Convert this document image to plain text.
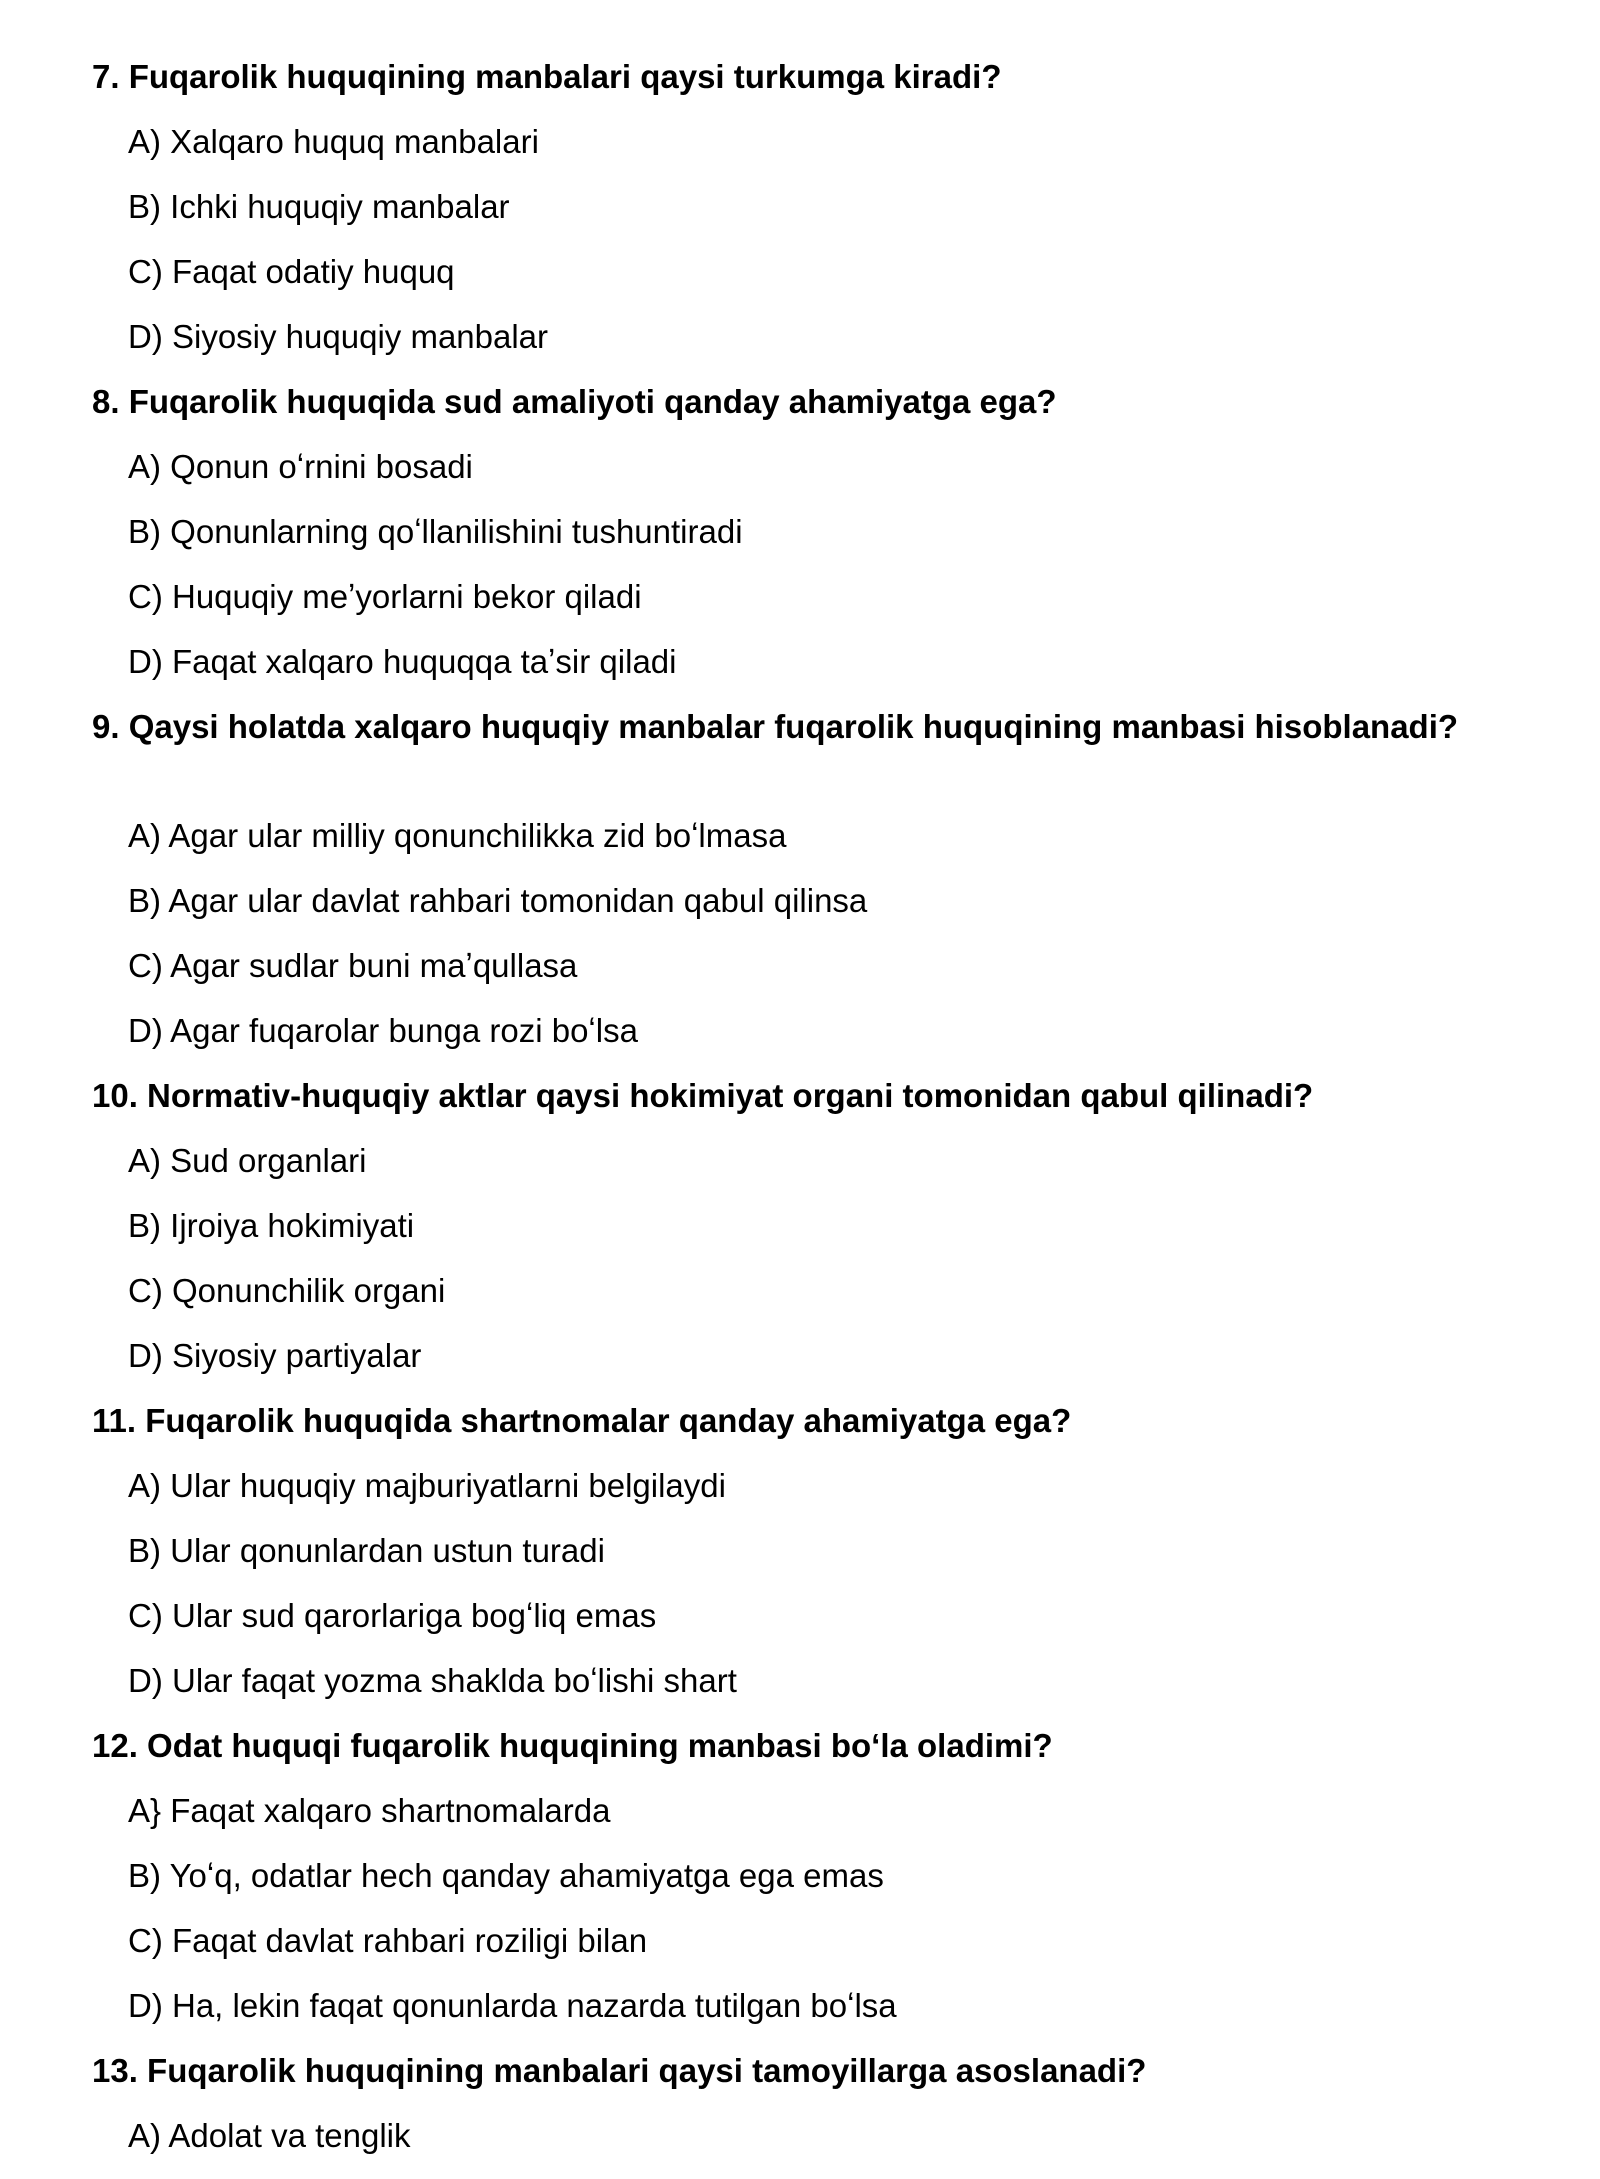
7. Fuqarolik huquqining manbalari qaysi turkumga kiradi?

A) Xalqaro huquq manbalari

B) Ichki huquqiy manbalar

C) Faqat odatiy huquq

D) Siyosiy huquqiy manbalar

8. Fuqarolik huquqida sud amaliyoti qanday ahamiyatga ega?

A) Qonun oʻrnini bosadi

B) Qonunlarning qoʻllanilishini tushuntiradi

C) Huquqiy meʼyorlarni bekor qiladi

D) Faqat xalqaro huquqqa taʼsir qiladi

9. Qaysi holatda xalqaro huquqiy manbalar fuqarolik huquqining manbasi hisoblanadi?

A) Agar ular milliy qonunchilikka zid boʻlmasa

B) Agar ular davlat rahbari tomonidan qabul qilinsa

C) Agar sudlar buni maʼqullasa

D) Agar fuqarolar bunga rozi boʻlsa

10. Normativ-huquqiy aktlar qaysi hokimiyat organi tomonidan qabul qilinadi?

A) Sud organlari

B) Ijroiya hokimiyati

C) Qonunchilik organi

D) Siyosiy partiyalar

11. Fuqarolik huquqida shartnomalar qanday ahamiyatga ega?

A) Ular huquqiy majburiyatlarni belgilaydi

B) Ular qonunlardan ustun turadi

C) Ular sud qarorlariga bogʻliq emas

D) Ular faqat yozma shaklda boʻlishi shart

12. Odat huquqi fuqarolik huquqining manbasi boʻla oladimi?

A} Faqat xalqaro shartnomalarda

B) Yoʻq, odatlar hech qanday ahamiyatga ega emas

C) Faqat davlat rahbari roziligi bilan

D) Ha, lekin faqat qonunlarda nazarda tutilgan boʻlsa

13. Fuqarolik huquqining manbalari qaysi tamoyillarga asoslanadi?

A) Adolat va tenglik
